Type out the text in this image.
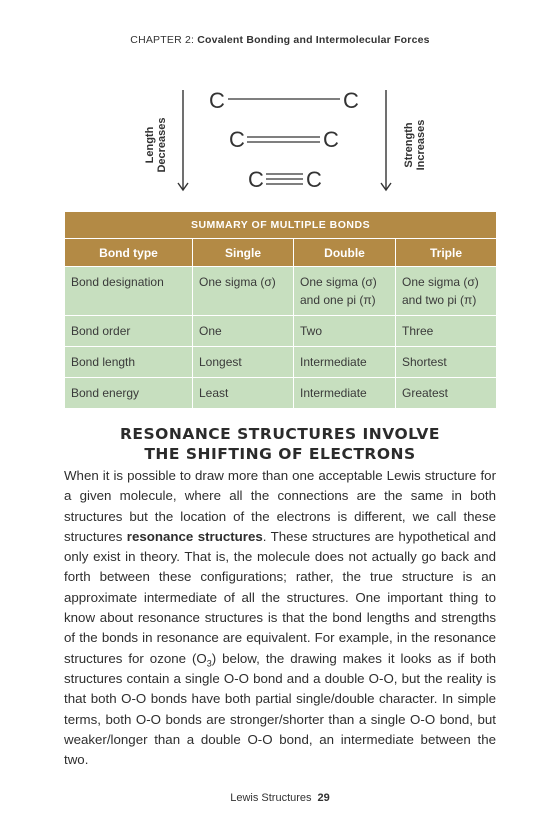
CHAPTER 2: Covalent Bonding and Intermolecular Forces
C	C
C	C
C C
Length Decreases	Strength Increases
SUMMARY OF MULTIPLE BONDS			
Bond type	Single	Double	Triple
Bond designation	One sigma (σ)	One sigma (σ) and one pi (π)	One sigma (σ) and two pi (π)
Bond order	One	Two	Three
Bond length	Longest	Intermediate	Shortest
Bond energy	Least	Intermediate	Greatest
RESONANCE STRUCTURES INVOLVE
THE SHIFTING OF ELECTRONS
When it is possible to draw more than one acceptable Lewis structure for a given molecule, where all the connections are the same in both structures but the location of the electrons is different, we call these structures resonance structures. These structures are hypothetical and only exist in theory. That is, the molecule does not actually go back and forth between these configurations; rather, the true structure is an approximate intermediate of all the structures. One important thing to know about resonance structures is that the bond lengths and strengths of the bonds in resonance are equivalent. For example, in the resonance structures for ozone $(O_3)$ below, the drawing makes it looks as if both structures contain a single O-O bond and a double O-O, but the reality is that both O-O bonds have both partial single/double character. In simple terms, both O-O bonds are stronger/shorter than a single O-O bond, but weaker/longer than a double O-O bond, an intermediate between the two.
Lewis Structures 29
